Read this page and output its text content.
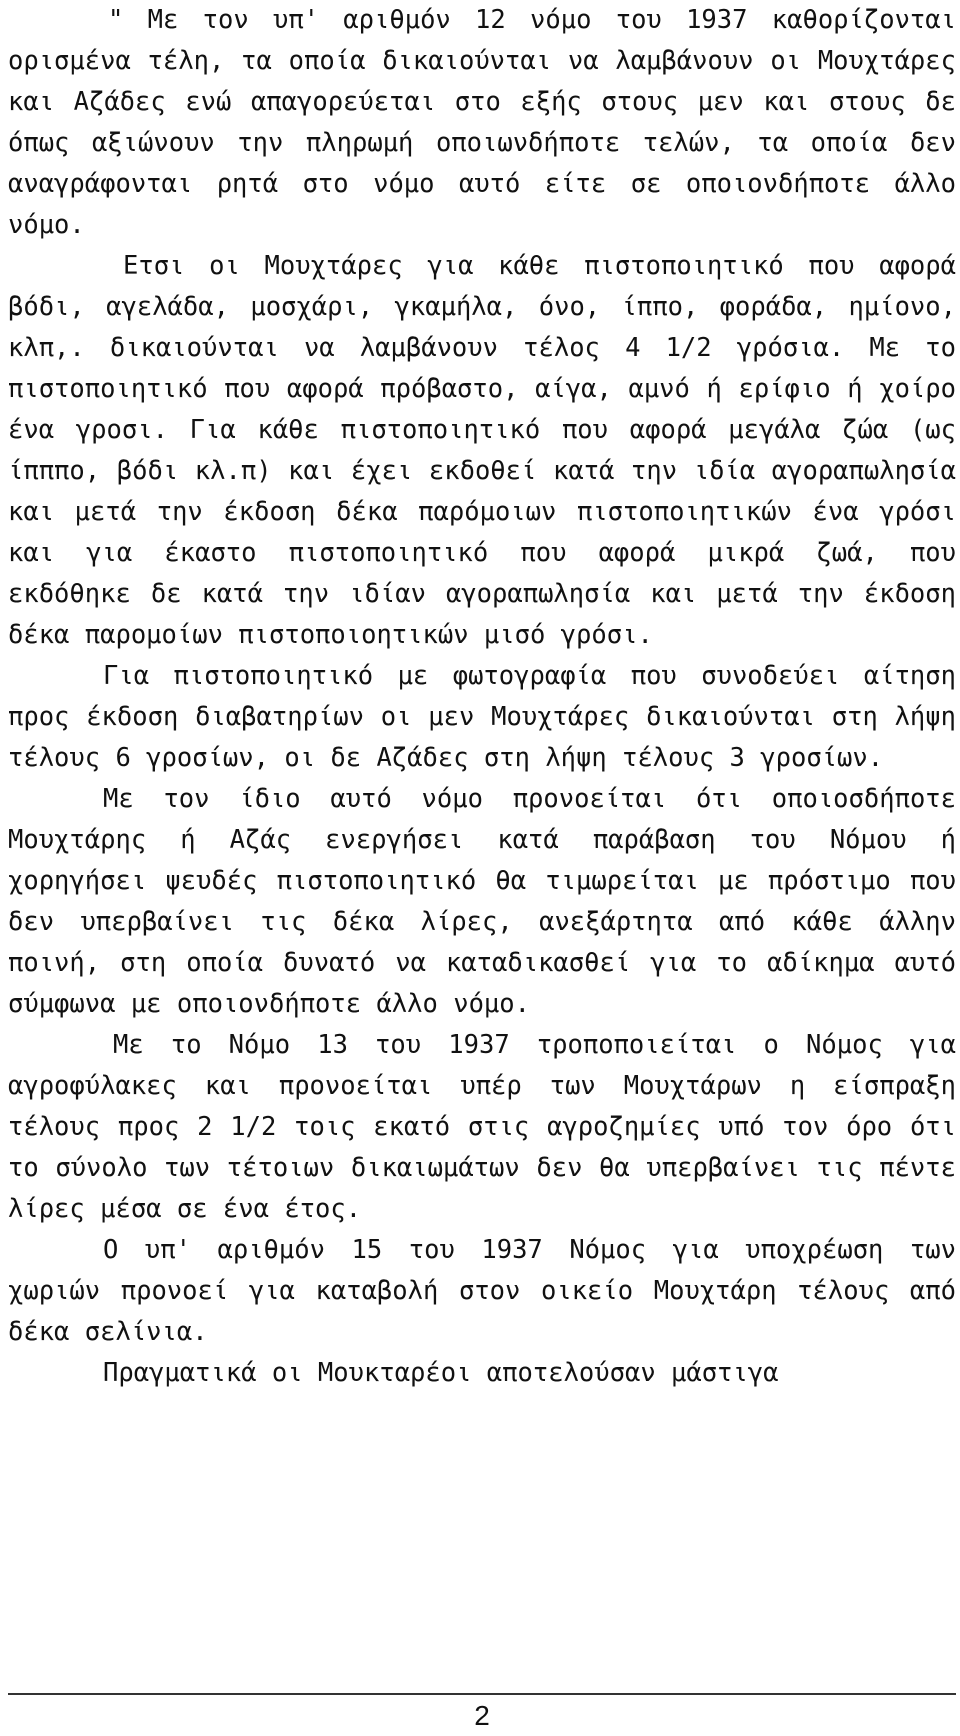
" Με τον υπ' αριθμόν 12 νόμο του 1937 καθορίζονται ορισμένα τέλη, τα οποία δικαιούνται να λαμβάνουν οι Μουχτάρες και Αζάδες ενώ απαγορεύεται στο εξής στους μεν και στους δε όπως αξιώνουν την πληρωμή οποιωνδήποτε τελών, τα οποία δεν αναγράφονται ρητά στο νόμο αυτό είτε σε οποιονδήποτε άλλο νόμο.

Ετσι οι Μουχτάρες για κάθε πιστοποιητικό που αφορά βόδι, αγελάδα, μοσχάρι, γκαμήλα, όνο, ίππο, φοράδα, ημίονο, κλπ,. δικαιούνται να λαμβάνουν τέλος 4 1/2 γρόσια. Με το πιστοποιητικό που αφορά πρόβαστο, αίγα, αμνό ή ερίφιο ή χοίρο ένα γροσι. Για κάθε πιστοποιητικό που αφορά μεγάλα ζώα (ως ίπππο, βόδι κλ.π) και έχει εκδοθεί κατά την ιδία αγοραπωλησία και μετά την έκδοση δέκα παρόμοιων πιστοποιητικών ένα γρόσι και για έκαστο πιστοποιητικό που αφορά μικρά ζωά, που εκδόθηκε δε κατά την ιδίαν αγοραπωλησία και μετά την έκδοση δέκα παρομοίων πιστοποιοητικών μισό γρόσι.

Για πιστοποιητικό με φωτογραφία που συνοδεύει αίτηση προς έκδοση διαβατηρίων οι μεν Μουχτάρες δικαιούνται στη λήψη τέλους 6 γροσίων, οι δε Αζάδες στη λήψη τέλους 3 γροσίων.

Με τον ίδιο αυτό νόμο προνοείται ότι οποιοσδήποτε Μουχτάρης ή Αζάς ενεργήσει κατά παράβαση του Νόμου ή χορηγήσει ψευδές πιστοποιητικό θα τιμωρείται με πρόστιμο που δεν υπερβαίνει τις δέκα λίρες, ανεξάρτητα από κάθε άλλην ποινή, στη οποία δυνατό να καταδικασθεί για το αδίκημα αυτό σύμφωνα με οποιονδήποτε άλλο νόμο.

Με το Νόμο 13 του 1937 τροποποιείται ο Νόμος για αγροφύλακες και προνοείται υπέρ των Μουχτάρων η είσπραξη τέλους προς 2 1/2 τοις εκατό στις αγροζημίες υπό τον όρο ότι το σύνολο των τέτοιων δικαιωμάτων δεν θα υπερβαίνει τις πέντε λίρες μέσα σε ένα έτος.

Ο υπ' αριθμόν 15 του 1937 Νόμος για υποχρέωση των χωριών προνοεί για καταβολή στον οικείο Μουχτάρη τέλους από δέκα σελίνια.

Πραγματικά οι Μουκταρέοι αποτελούσαν μάστιγα

2
